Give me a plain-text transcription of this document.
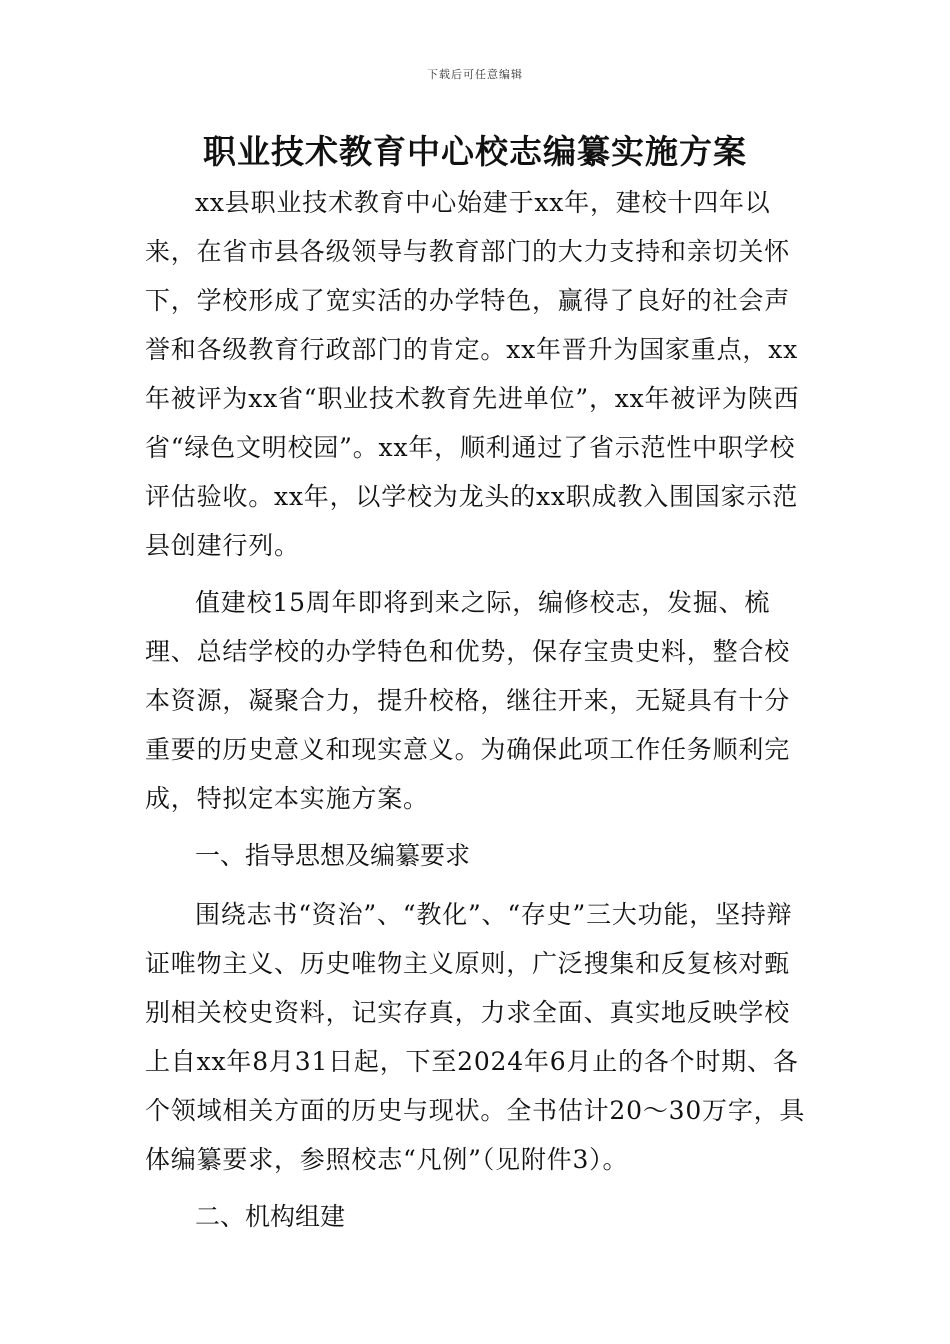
下载后可任意编辑
职业技术教育中心校志编纂实施方案

xx县职业技术教育中心始建于xx年，建校十四年以来，在省市县各级领导与教育部门的大力支持和亲切关怀下，学校形成了宽实活的办学特色，赢得了良好的社会声誉和各级教育行政部门的肯定。xx年晋升为国家重点，xx年被评为xx省“职业技术教育先进单位”，xx年被评为陕西省“绿色文明校园”。xx年，顺利通过了省示范性中职学校评估验收。xx年，以学校为龙头的xx职成教入围国家示范县创建行列。

值建校15周年即将到来之际，编修校志，发掘、梳理、总结学校的办学特色和优势，保存宝贵史料，整合校本资源，凝聚合力，提升校格，继往开来，无疑具有十分重要的历史意义和现实意义。为确保此项工作任务顺利完成，特拟定本实施方案。

一、指导思想及编纂要求

围绕志书“资治”、“教化”、“存史”三大功能，坚持辩证唯物主义、历史唯物主义原则，广泛搜集和反复核对甄别相关校史资料，记实存真，力求全面、真实地反映学校上自xx年8月31日起，下至2024年6月止的各个时期、各个领域相关方面的历史与现状。全书估计20～30万字，具体编纂要求，参照校志“凡例”（见附件3）。

二、机构组建
